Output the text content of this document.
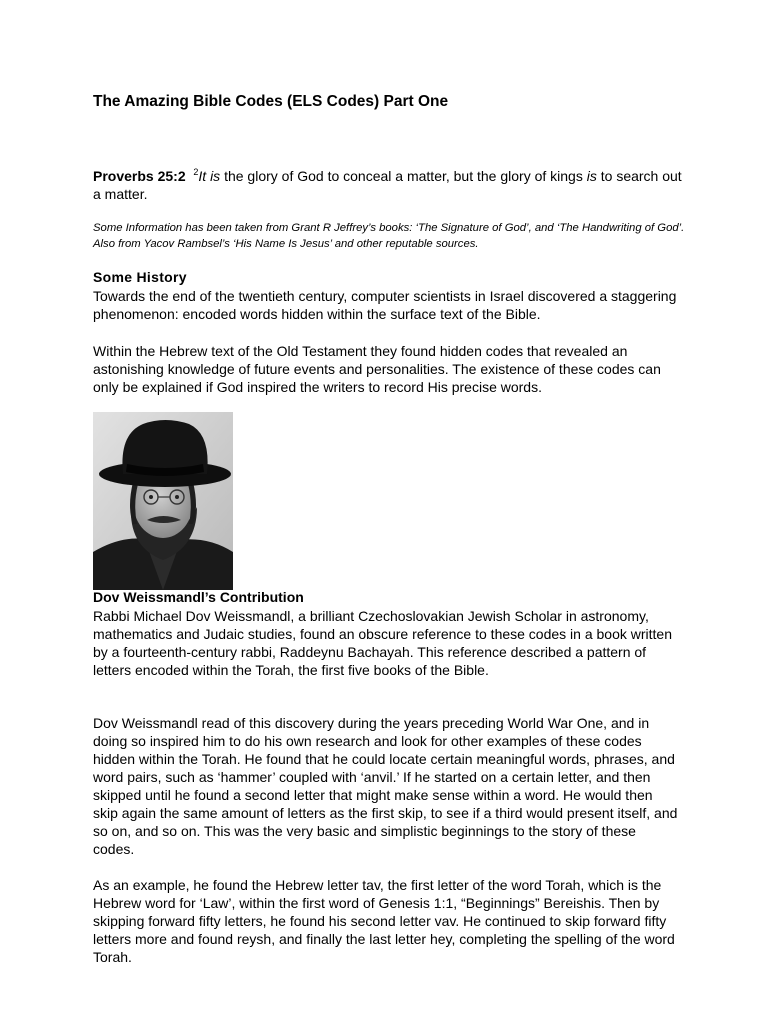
The Amazing Bible Codes (ELS Codes) Part One

Proverbs 25:2 $^2$It is the glory of God to conceal a matter, but the glory of kings is to search out a matter.

Some Information has been taken from Grant R Jeffrey’s books: ‘The Signature of God’, and ‘The Handwriting of God’. Also from Yacov Rambsel’s ‘His Name Is Jesus’ and other reputable sources.

Some History

Towards the end of the twentieth century, computer scientists in Israel discovered a staggering phenomenon: encoded words hidden within the surface text of the Bible.

Within the Hebrew text of the Old Testament they found hidden codes that revealed an astonishing knowledge of future events and personalities. The existence of these codes can only be explained if God inspired the writers to record His precise words.

Dov Weissmandl’s Contribution

Rabbi Michael Dov Weissmandl, a brilliant Czechoslovakian Jewish Scholar in astronomy, mathematics and Judaic studies, found an obscure reference to these codes in a book written by a fourteenth-century rabbi, Raddeynu Bachayah. This reference described a pattern of letters encoded within the Torah, the first five books of the Bible.

Dov Weissmandl read of this discovery during the years preceding World War One, and in doing so inspired him to do his own research and look for other examples of these codes hidden within the Torah. He found that he could locate certain meaningful words, phrases, and word pairs, such as ‘hammer’ coupled with ‘anvil.’ If he started on a certain letter, and then skipped until he found a second letter that might make sense within a word. He would then skip again the same amount of letters as the first skip, to see if a third would present itself, and so on, and so on. This was the very basic and simplistic beginnings to the story of these codes.

As an example, he found the Hebrew letter tav, the first letter of the word Torah, which is the Hebrew word for ‘Law’, within the first word of Genesis 1:1, “Beginnings” Bereishis. Then by skipping forward fifty letters, he found his second letter vav. He continued to skip forward fifty letters more and found reysh, and finally the last letter hey, completing the spelling of the word Torah.
